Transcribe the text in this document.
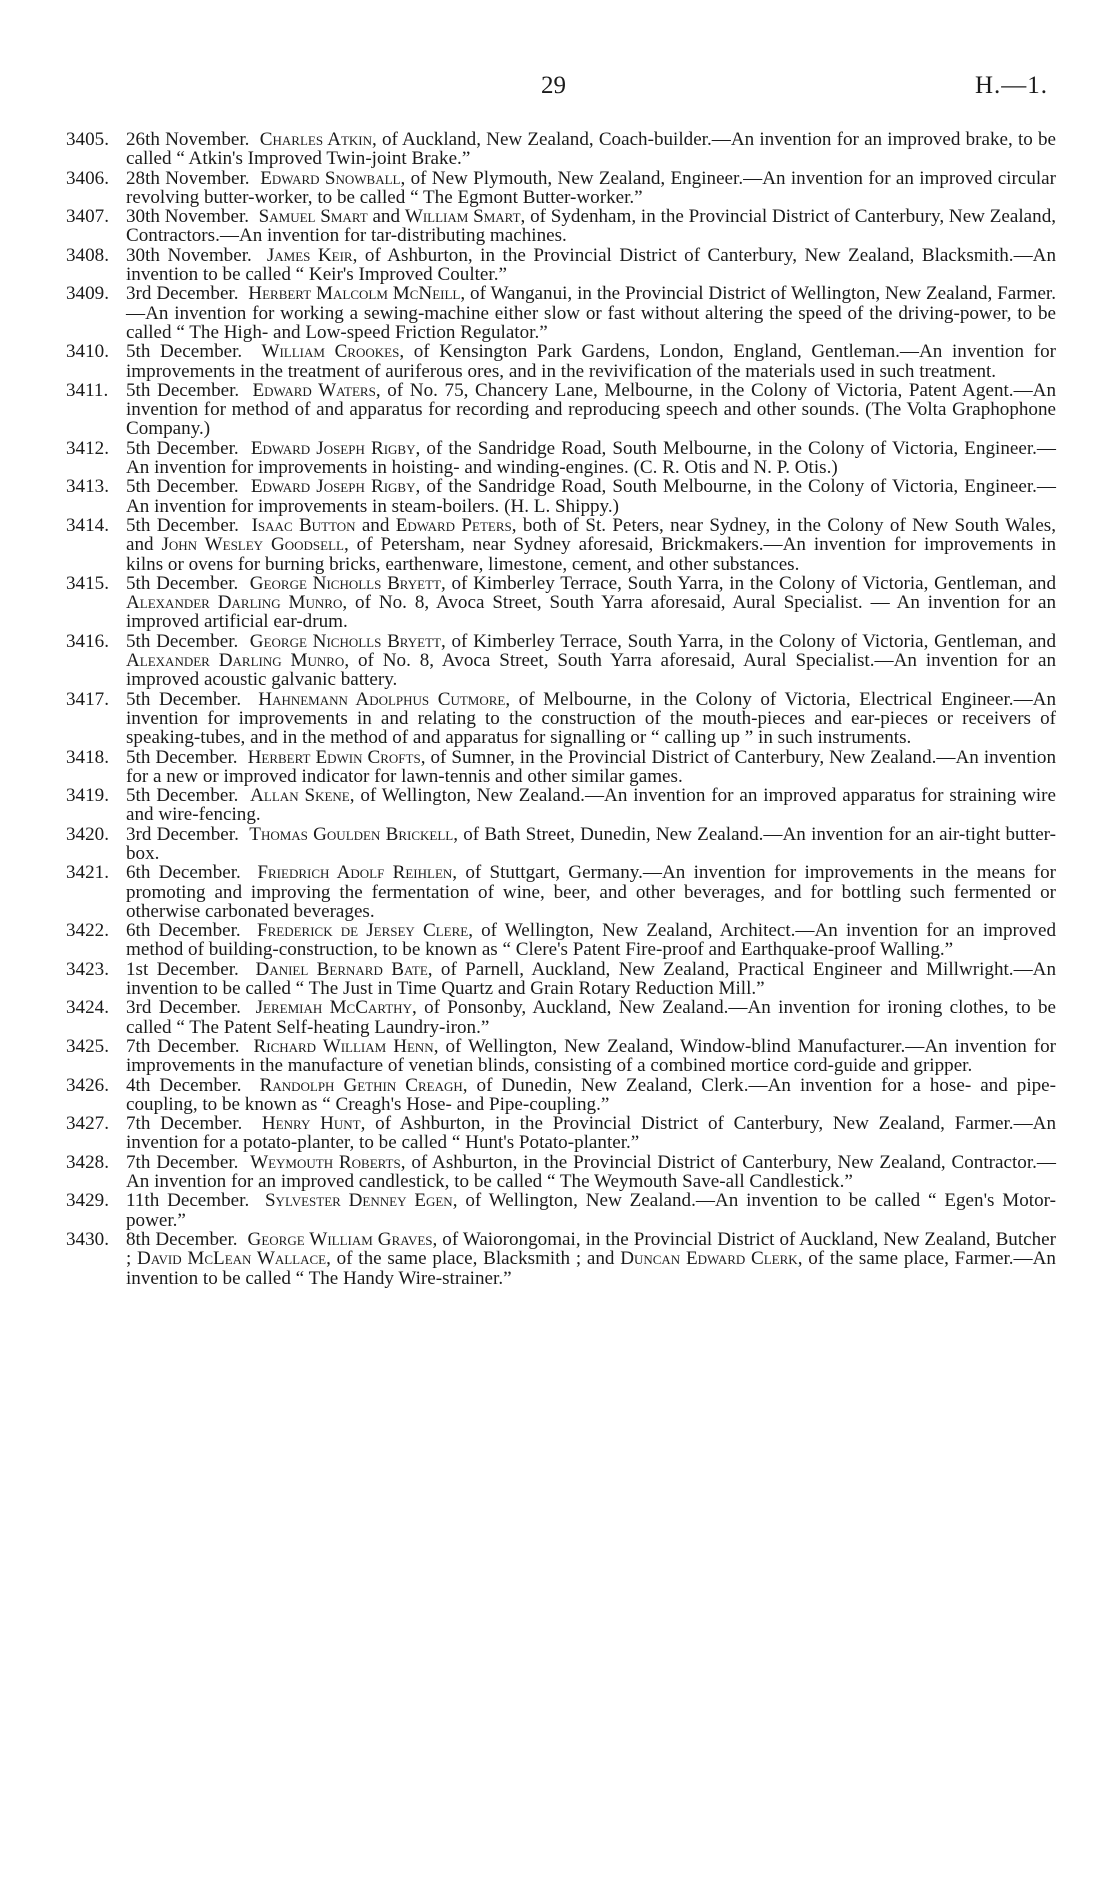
29	H.—1.
3405. 26th November. Charles Atkin, of Auckland, New Zealand, Coach-builder.—An invention for an improved brake, to be called “ Atkin's Improved Twin-joint Brake.”
3406. 28th November. Edward Snowball, of New Plymouth, New Zealand, Engineer.—An invention for an improved circular revolving butter-worker, to be called “ The Egmont Butter-worker.”
3407. 30th November. Samuel Smart and William Smart, of Sydenham, in the Provincial District of Canterbury, New Zealand, Contractors.—An invention for tar-distributing machines.
3408. 30th November. James Keir, of Ashburton, in the Provincial District of Canterbury, New Zealand, Blacksmith.—An invention to be called “ Keir's Improved Coulter.”
3409. 3rd December. Herbert Malcolm McNeill, of Wanganui, in the Provincial District of Wellington, New Zealand, Farmer.—An invention for working a sewing-machine either slow or fast without altering the speed of the driving-power, to be called “ The High- and Low-speed Friction Regulator.”
3410. 5th December. William Crookes, of Kensington Park Gardens, London, England, Gentleman.—An invention for improvements in the treatment of auriferous ores, and in the revivification of the materials used in such treatment.
3411. 5th December. Edward Waters, of No. 75, Chancery Lane, Melbourne, in the Colony of Victoria, Patent Agent.—An invention for method of and apparatus for recording and reproducing speech and other sounds. (The Volta Graphophone Company.)
3412. 5th December. Edward Joseph Rigby, of the Sandridge Road, South Melbourne, in the Colony of Victoria, Engineer.—An invention for improvements in hoisting- and winding-engines. (C. R. Otis and N. P. Otis.)
3413. 5th December. Edward Joseph Rigby, of the Sandridge Road, South Melbourne, in the Colony of Victoria, Engineer.—An invention for improvements in steam-boilers. (H. L. Shippy.)
3414. 5th December. Isaac Button and Edward Peters, both of St. Peters, near Sydney, in the Colony of New South Wales, and John Wesley Goodsell, of Petersham, near Sydney aforesaid, Brickmakers.—An invention for improvements in kilns or ovens for burning bricks, earthenware, limestone, cement, and other substances.
3415. 5th December. George Nicholls Bryett, of Kimberley Terrace, South Yarra, in the Colony of Victoria, Gentleman, and Alexander Darling Munro, of No. 8, Avoca Street, South Yarra aforesaid, Aural Specialist. — An invention for an improved artificial ear-drum.
3416. 5th December. George Nicholls Bryett, of Kimberley Terrace, South Yarra, in the Colony of Victoria, Gentleman, and Alexander Darling Munro, of No. 8, Avoca Street, South Yarra aforesaid, Aural Specialist.—An invention for an improved acoustic galvanic battery.
3417. 5th December. Hahnemann Adolphus Cutmore, of Melbourne, in the Colony of Victoria, Electrical Engineer.—An invention for improvements in and relating to the construction of the mouth-pieces and ear-pieces or receivers of speaking-tubes, and in the method of and apparatus for signalling or “ calling up ” in such instruments.
3418. 5th December. Herbert Edwin Crofts, of Sumner, in the Provincial District of Canterbury, New Zealand.—An invention for a new or improved indicator for lawn-tennis and other similar games.
3419. 5th December. Allan Skene, of Wellington, New Zealand.—An invention for an improved apparatus for straining wire and wire-fencing.
3420. 3rd December. Thomas Goulden Brickell, of Bath Street, Dunedin, New Zealand.—An invention for an air-tight butter-box.
3421. 6th December. Friedrich Adolf Reihlen, of Stuttgart, Germany.—An invention for improvements in the means for promoting and improving the fermentation of wine, beer, and other beverages, and for bottling such fermented or otherwise carbonated beverages.
3422. 6th December. Frederick de Jersey Clere, of Wellington, New Zealand, Architect.—An invention for an improved method of building-construction, to be known as “ Clere's Patent Fire-proof and Earthquake-proof Walling.”
3423. 1st December. Daniel Bernard Bate, of Parnell, Auckland, New Zealand, Practical Engineer and Millwright.—An invention to be called “ The Just in Time Quartz and Grain Rotary Reduction Mill.”
3424. 3rd December. Jeremiah McCarthy, of Ponsonby, Auckland, New Zealand.—An invention for ironing clothes, to be called “ The Patent Self-heating Laundry-iron.”
3425. 7th December. Richard William Henn, of Wellington, New Zealand, Window-blind Manufacturer.—An invention for improvements in the manufacture of venetian blinds, consisting of a combined mortice cord-guide and gripper.
3426. 4th December. Randolph Gethin Creagh, of Dunedin, New Zealand, Clerk.—An invention for a hose- and pipe-coupling, to be known as “ Creagh's Hose- and Pipe-coupling.”
3427. 7th December. Henry Hunt, of Ashburton, in the Provincial District of Canterbury, New Zealand, Farmer.—An invention for a potato-planter, to be called “ Hunt's Potato-planter.”
3428. 7th December. Weymouth Roberts, of Ashburton, in the Provincial District of Canterbury, New Zealand, Contractor.—An invention for an improved candlestick, to be called “ The Weymouth Save-all Candlestick.”
3429. 11th December. Sylvester Denney Egen, of Wellington, New Zealand.—An invention to be called “ Egen's Motor-power.”
3430. 8th December. George William Graves, of Waiorongomai, in the Provincial District of Auckland, New Zealand, Butcher ; David McLean Wallace, of the same place, Blacksmith ; and Duncan Edward Clerk, of the same place, Farmer.—An invention to be called “ The Handy Wire-strainer.”
